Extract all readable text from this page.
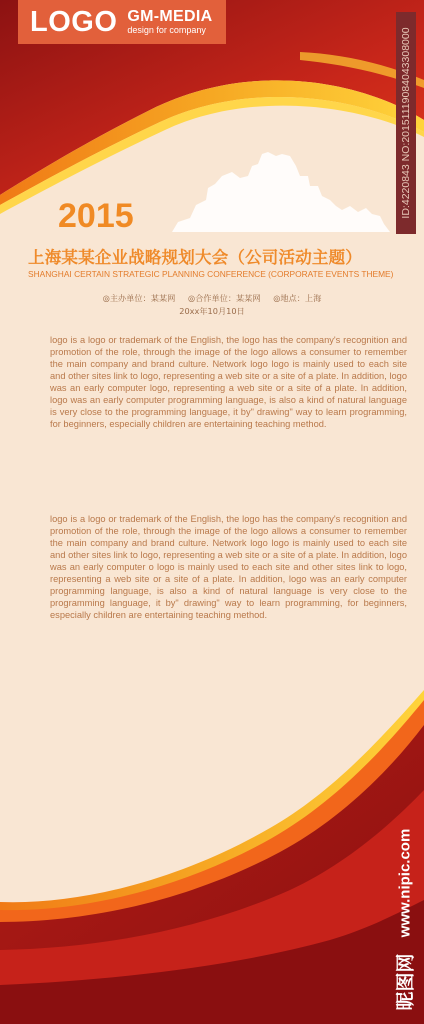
LOGO GM-MEDIA
design for company	ID:4220843 NO:20151119084043308000
2015
上海某某企业战略规划大会（公司活动主题）
SHANGHAI CERTAIN STRATEGIC PLANNING CONFERENCE (CORPORATE EVENTS THEME)
◎主办单位：某某网 ◎合作单位：某某网 ◎地点：上海
20xx年10月10日

logo is a logo or trademark of the English, the logo has the company's recognition and promotion of the role, through the image of the logo allows a consumer to remember the main company and brand culture. Network logo logo is mainly used to each site and other sites link to logo, representing a web site or a site of a plate. In addition, logo was an early computer logo, representing a web site or a site of a plate. In addition, logo was an early computer programming language, is also a kind of natural language is very close to the programming language, it by" drawing" way to learn programming, for beginners, especially children are entertaining teaching method.

logo is a logo or trademark of the English, the logo has the company's recognition and promotion of the role, through the image of the logo allows a consumer to remember the main company and brand culture. Network logo logo is mainly used to each site and other sites link to logo, representing a web site or a site of a plate. In addition, logo was an early computer o logo is mainly used to each site and other sites link to logo, representing a web site or a site of a plate. In addition, logo was an early computer programming language, is also a kind of natural language is very close to the programming language, it by" drawing" way to learn programming, for beginners, especially children are entertaining teaching method.

www.nipic.com
昵图网
